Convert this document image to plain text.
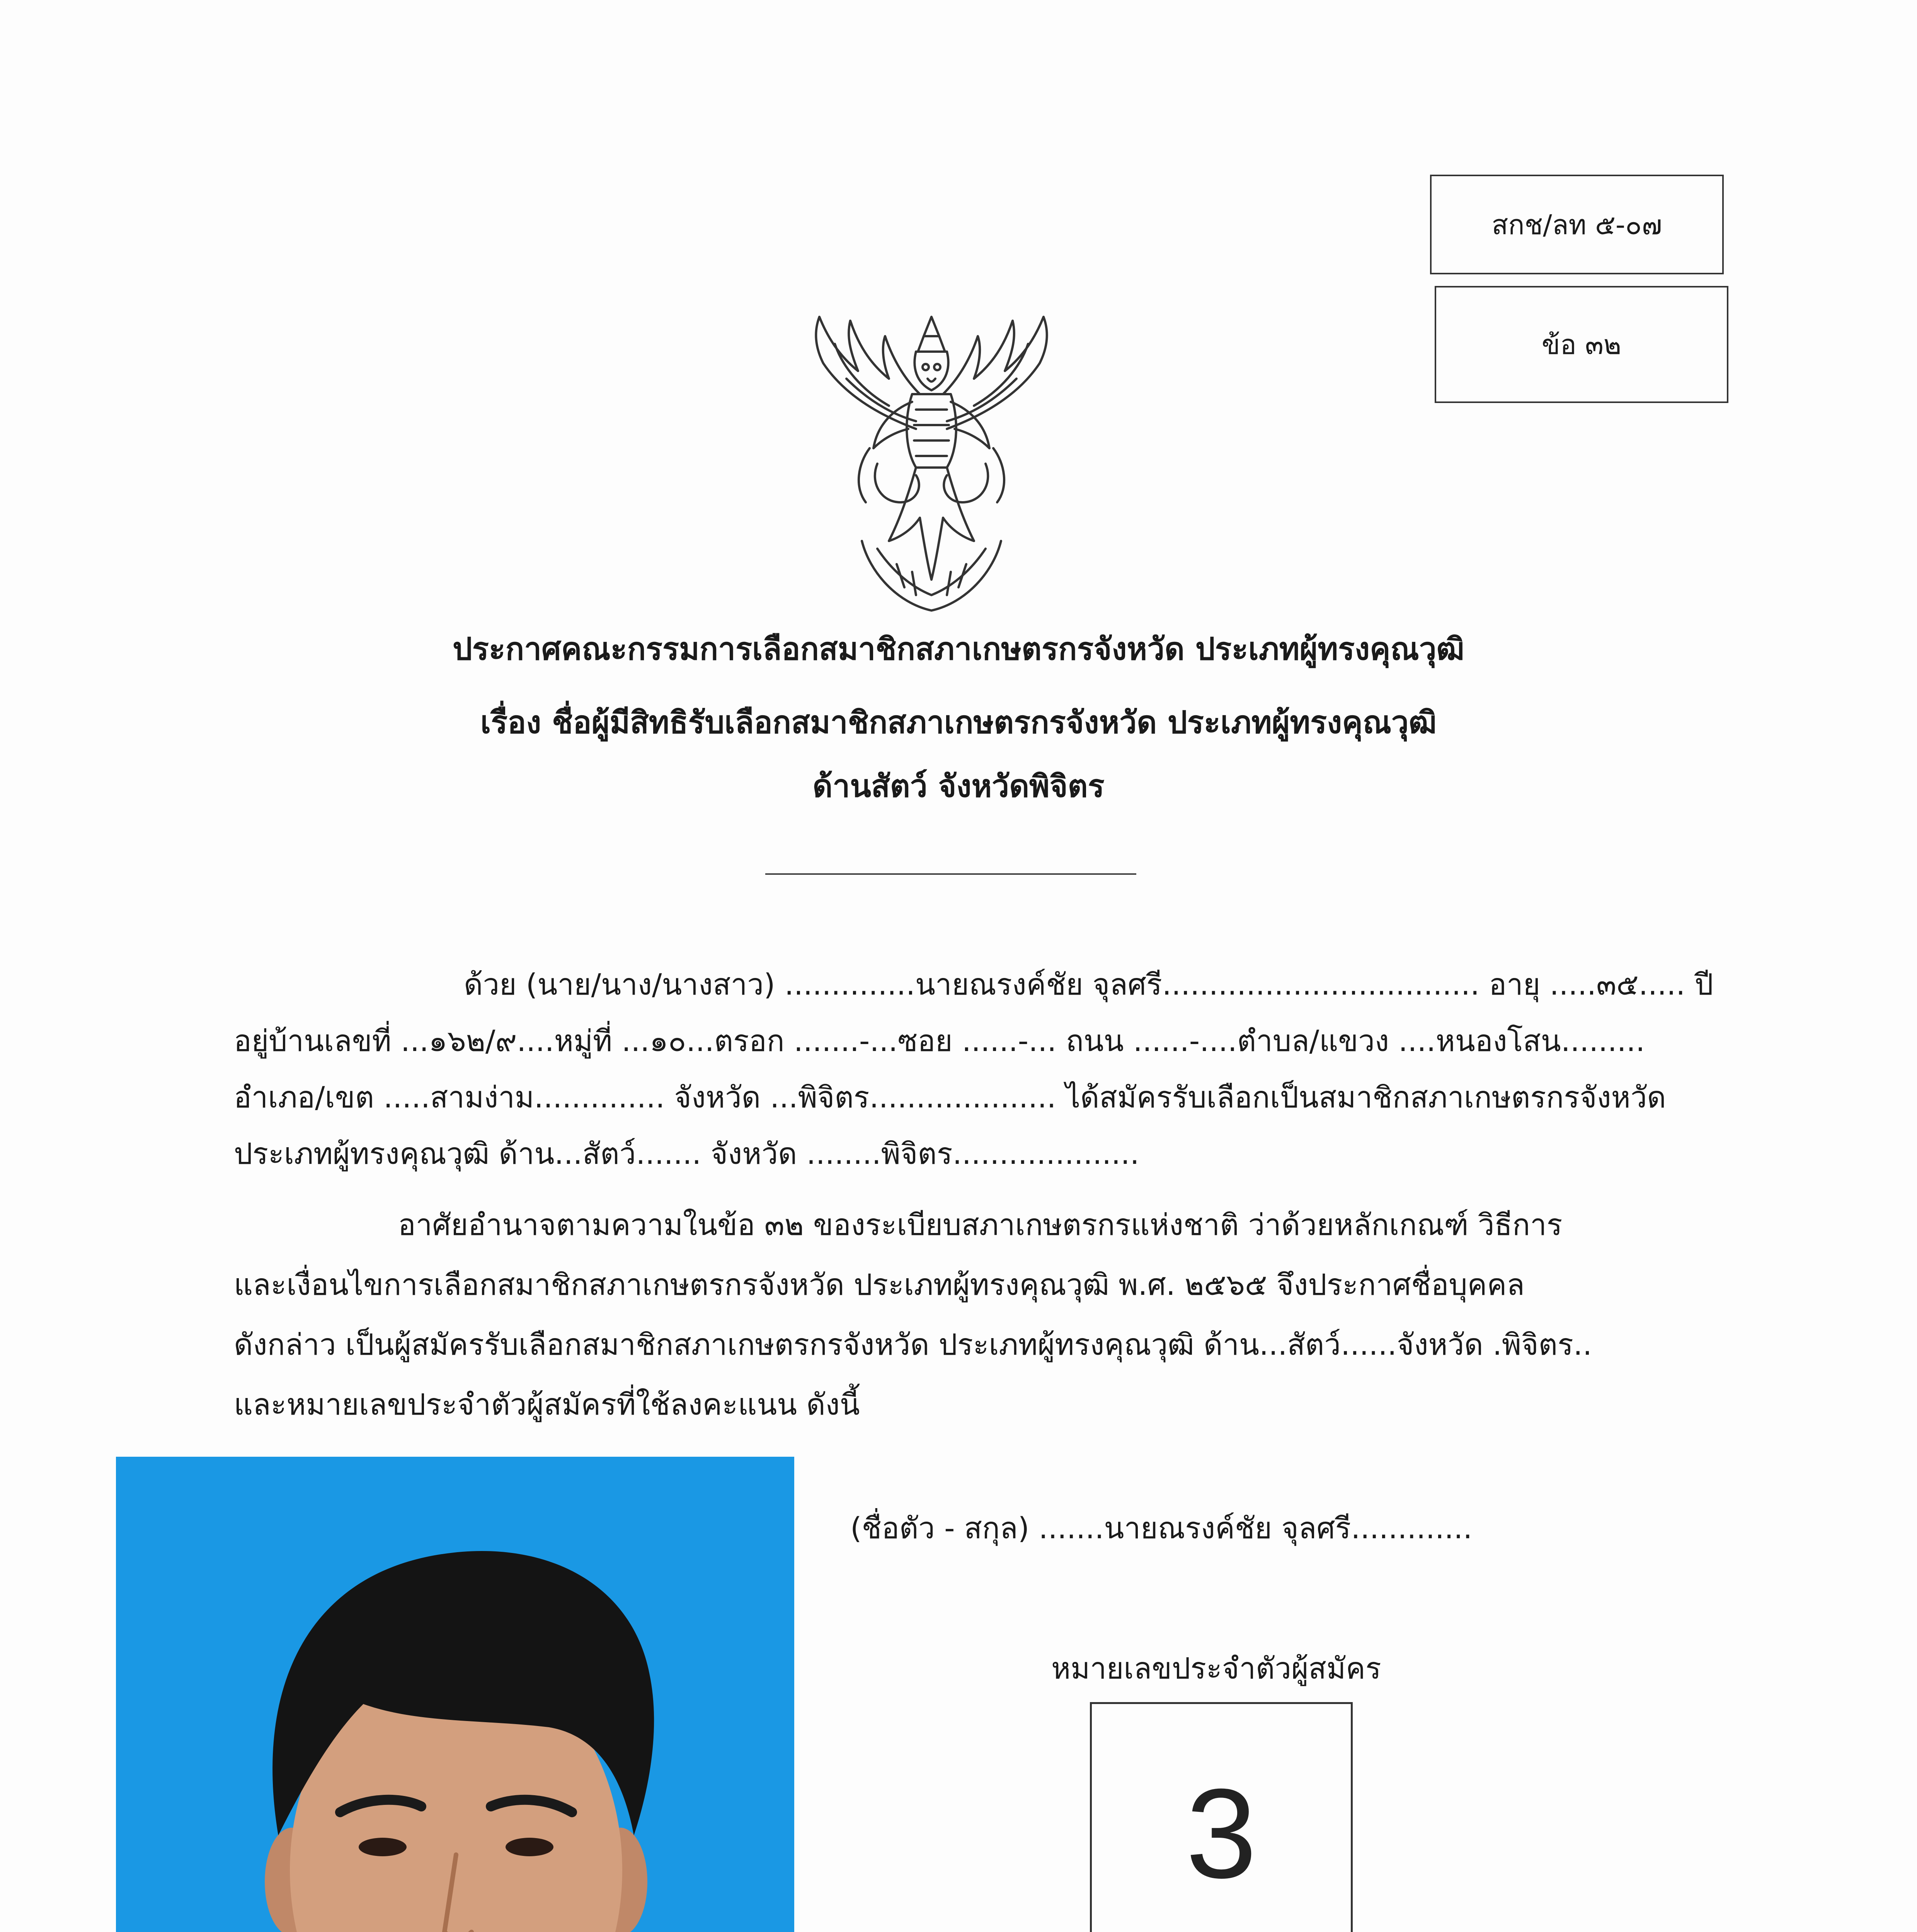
สกช/ลท ๕-๐๗
ข้อ ๓๒
ประกาศคณะกรรมการเลือกสมาชิกสภาเกษตรกรจังหวัด ประเภทผู้ทรงคุณวุฒิ
เรื่อง ชื่อผู้มีสิทธิรับเลือกสมาชิกสภาเกษตรกรจังหวัด ประเภทผู้ทรงคุณวุฒิ
ด้านสัตว์ จังหวัดพิจิตร
ด้วย (นาย/นาง/นางสาว) ..............นายณรงค์ชัย จุลศรี.................................. อายุ .....๓๕..... ปี
อยู่บ้านเลขที่ ...๑๖๒/๙....หมู่ที่ ...๑๐...ตรอก .......-...ซอย ......-... ถนน ......-....ตำบล/แขวง ....หนองโสน.........
อำเภอ/เขต .....สามง่าม.............. จังหวัด ...พิจิตร.................... ได้สมัครรับเลือกเป็นสมาชิกสภาเกษตรกรจังหวัด
ประเภทผู้ทรงคุณวุฒิ ด้าน...สัตว์....... จังหวัด ........พิจิตร....................
อาศัยอำนาจตามความในข้อ ๓๒ ของระเบียบสภาเกษตรกรแห่งชาติ ว่าด้วยหลักเกณฑ์ วิธีการ
และเงื่อนไขการเลือกสมาชิกสภาเกษตรกรจังหวัด ประเภทผู้ทรงคุณวุฒิ พ.ศ. ๒๕๖๕ จึงประกาศชื่อบุคคล
ดังกล่าว เป็นผู้สมัครรับเลือกสมาชิกสภาเกษตรกรจังหวัด ประเภทผู้ทรงคุณวุฒิ ด้าน...สัตว์......จังหวัด .พิจิตร..
และหมายเลขประจำตัวผู้สมัครที่ใช้ลงคะแนน ดังนี้
(ชื่อตัว - สกุล) .......นายณรงค์ชัย จุลศรี.............
หมายเลขประจำตัวผู้สมัคร
3
